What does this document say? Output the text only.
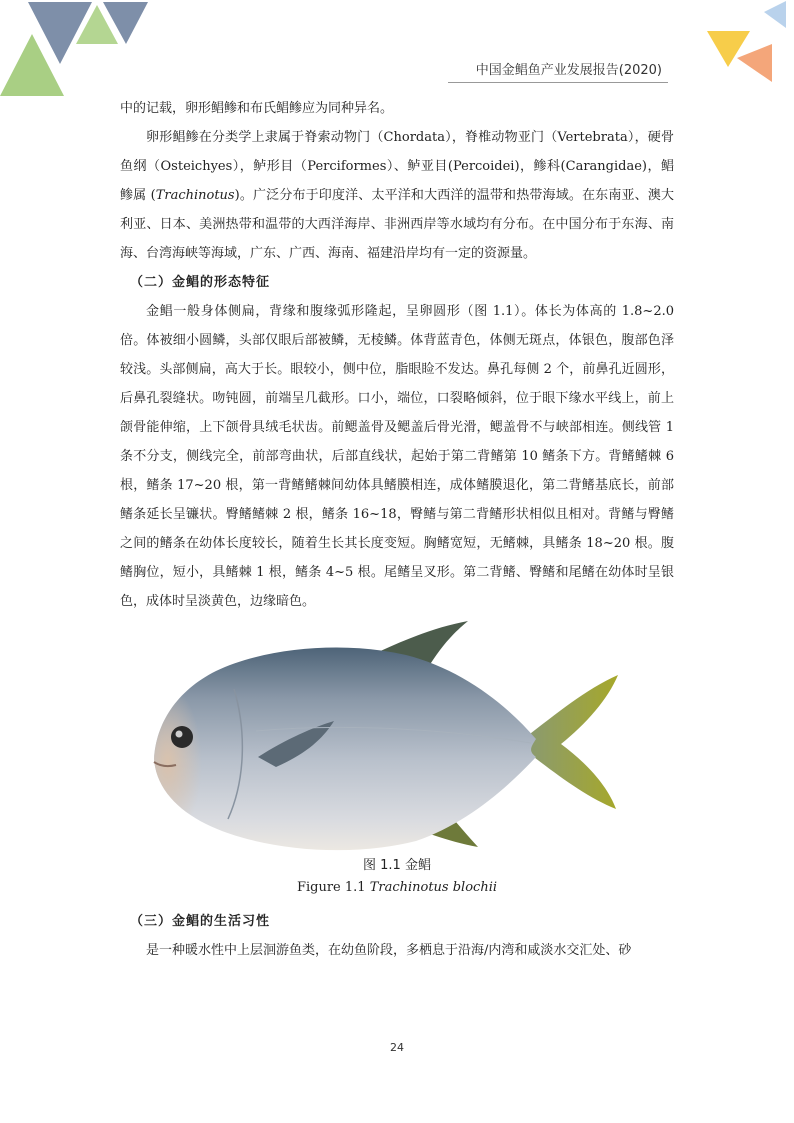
中国金鲳鱼产业发展报告(2020)

中的记载，卵形鲳鲹和布氏鲳鲹应为同种异名。

卵形鲳鲹在分类学上隶属于脊索动物门（Chordata），脊椎动物亚门（Vertebrata），硬骨鱼纲（Osteichyes），鲈形目（Perciformes）、鲈亚目(Percoidei)，鲹科(Carangidae)，鲳鲹属 (Trachinotus)。广泛分布于印度洋、太平洋和大西洋的温带和热带海域。在东南亚、澳大利亚、日本、美洲热带和温带的大西洋海岸、非洲西岸等水域均有分布。在中国分布于东海、南海、台湾海峡等海域，广东、广西、海南、福建沿岸均有一定的资源量。

（二）金鲳的形态特征

金鲳一般身体侧扁，背缘和腹缘弧形隆起，呈卵圆形（图 1.1）。体长为体高的 1.8~2.0 倍。体被细小圆鳞，头部仅眼后部被鳞，无棱鳞。体背蓝青色，体侧无斑点，体银色，腹部色泽较浅。头部侧扁，高大于长。眼较小，侧中位，脂眼睑不发达。鼻孔每侧 2 个，前鼻孔近圆形，后鼻孔裂缝状。吻钝圆，前端呈几截形。口小，端位，口裂略倾斜，位于眼下缘水平线上，前上颌骨能伸缩，上下颌骨具绒毛状齿。前鳃盖骨及鳃盖后骨光滑，鳃盖骨不与峡部相连。侧线管 1 条不分支，侧线完全，前部弯曲状，后部直线状，起始于第二背鳍第 10 鳍条下方。背鳍鳍棘 6 根，鳍条 17~20 根，第一背鳍鳍棘间幼体具鳍膜相连，成体鳍膜退化，第二背鳍基底长，前部鳍条延长呈镰状。臀鳍鳍棘 2 根，鳍条 16~18，臀鳍与第二背鳍形状相似且相对。背鳍与臀鳍之间的鳍条在幼体长度较长，随着生长其长度变短。胸鳍宽短，无鳍棘，具鳍条 18~20 根。腹鳍胸位，短小，具鳍棘 1 根，鳍条 4~5 根。尾鳍呈叉形。第二背鳍、臀鳍和尾鳍在幼体时呈银色，成体时呈淡黄色，边缘暗色。

图 1.1 金鲳
Figure 1.1 Trachinotus blochii
（三）金鲳的生活习性

是一种暖水性中上层洄游鱼类，在幼鱼阶段，多栖息于沿海/内湾和咸淡水交汇处、砂

24
